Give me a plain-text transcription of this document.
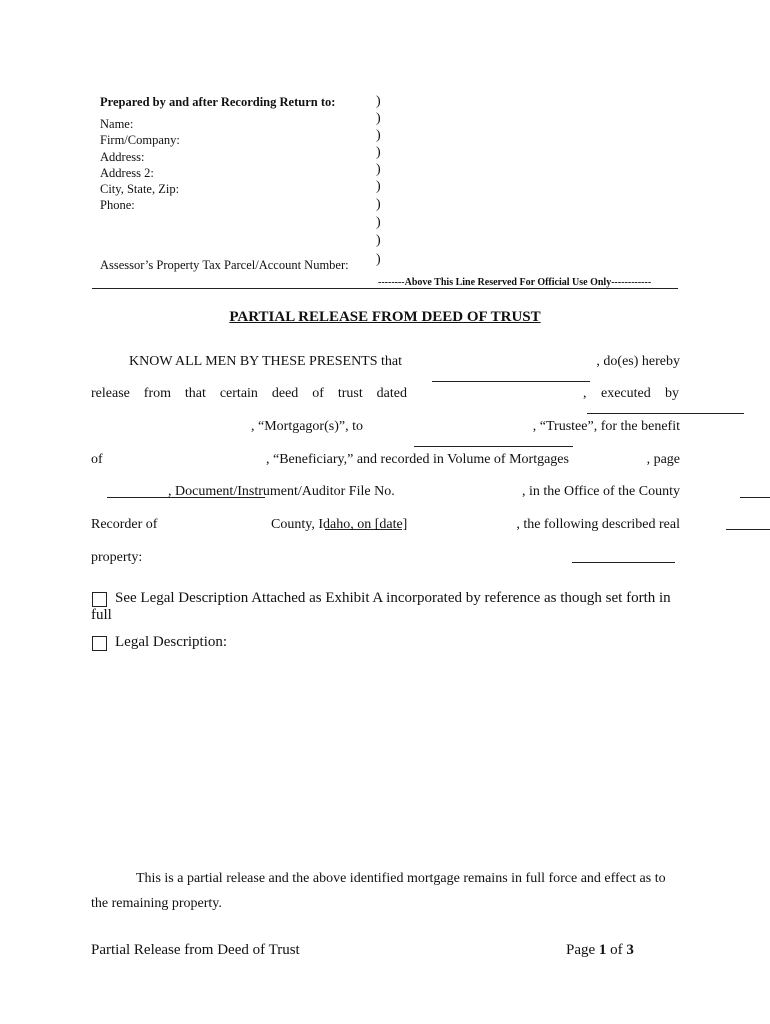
Prepared by and after Recording Return to:
Name:
Firm/Company:
Address:
Address 2:
City, State, Zip:
Phone:
Assessor’s Property Tax Parcel/Account Number:
)
)
)
)
)
)
)
)
)
)
--------Above This Line Reserved For Official Use Only------------
PARTIAL RELEASE FROM DEED OF TRUST
KNOW ALL MEN BY THESE PRESENTS that
	, do(es) hereby
release from that certain deed of trust dated
	, executed by

, “Mortgagor(s)”, to
	, “Trustee”, for the benefit
of
	, “Beneficiary,” and recorded in Volume of Mortgages
	, page

, Document/Instrument/Auditor File No.
	, in the Office of the County
Recorder of
	County, Idaho, on [date]	, the following described real
property:
See Legal Description Attached as Exhibit A incorporated by reference as though set forth in
full
Legal Description:
This is a partial release and the above identified mortgage remains in full force and effect as to
the remaining property.
Partial Release from Deed of Trust	Page 1 of 3
